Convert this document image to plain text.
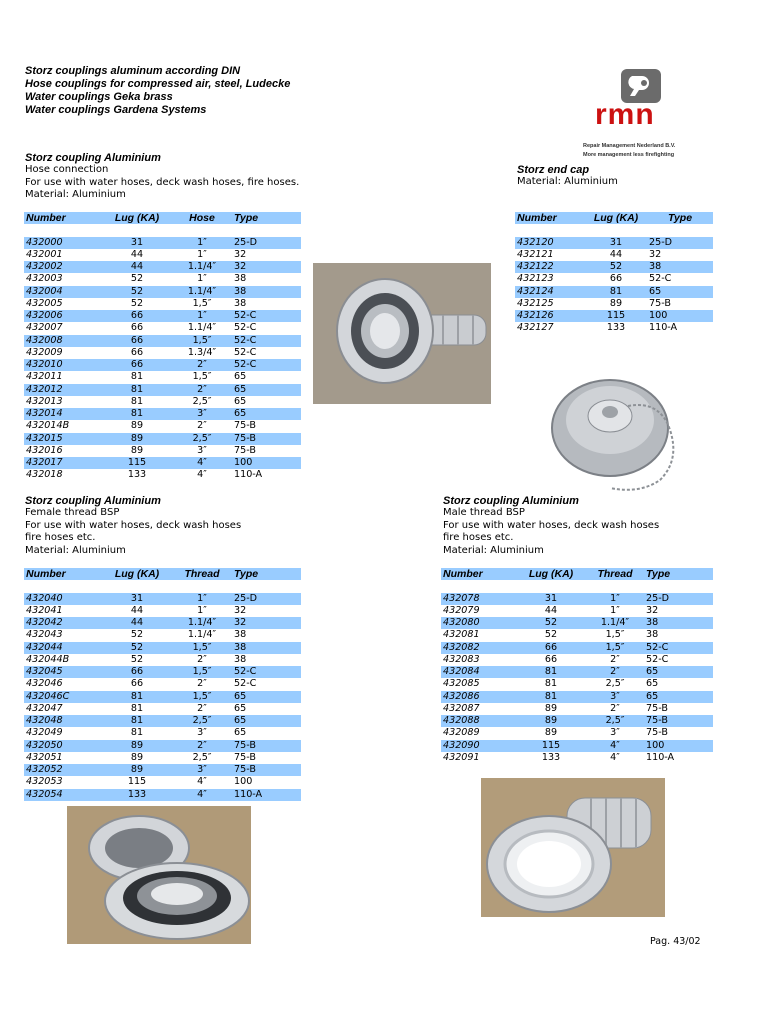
Storz couplings aluminum according DIN
Hose couplings for compressed air, steel, Ludecke
Water couplings Geka brass
Water couplings Gardena Systems	rmn
Repair Management Nederland B.V.
More management less firefighting
Storz coupling Aluminium
Hose connection
For use with water hoses, deck wash hoses, fire hoses.
Material: Aluminium
Number	Lug (KA)	Hose	Type

432000	31	1″	25-D
432001	44	1″	32
432002	44	1.1/4″	32
432003	52	1″	38
432004	52	1.1/4″	38
432005	52	1,5″	38
432006	66	1″	52-C
432007	66	1.1/4″	52-C
432008	66	1,5″	52-C
432009	66	1.3/4″	52-C
432010	66	2″	52-C
432011	81	1,5″	65
432012	81	2″	65
432013	81	2,5″	65
432014	81	3″	65
432014B	89	2″	75-B
432015	89	2,5″	75-B
432016	89	3″	75-B
432017	115	4″	100
432018	133	4″	110-A
Storz end cap
Material: Aluminium
Number	Lug (KA)	Type

432120	31	25-D
432121	44	32
432122	52	38
432123	66	52-C
432124	81	65
432125	89	75-B
432126	115	100
432127	133	110-A
Storz coupling Aluminium
Female thread BSP
For use with water hoses, deck wash hoses
fire hoses etc.
Material: Aluminium
Number	Lug (KA)	Thread	Type

432040	31	1″	25-D
432041	44	1″	32
432042	44	1.1/4″	32
432043	52	1.1/4″	38
432044	52	1,5″	38
432044B	52	2″	38
432045	66	1,5″	52-C
432046	66	2″	52-C
432046C	81	1,5″	65
432047	81	2″	65
432048	81	2,5″	65
432049	81	3″	65
432050	89	2″	75-B
432051	89	2,5″	75-B
432052	89	3″	75-B
432053	115	4″	100
432054	133	4″	110-A
Storz coupling Aluminium
Male thread BSP
For use with water hoses, deck wash hoses
fire hoses etc.
Material: Aluminium
Number	Lug (KA)	Thread	Type

432078	31	1″	25-D
432079	44	1″	32
432080	52	1.1/4″	38
432081	52	1,5″	38
432082	66	1,5″	52-C
432083	66	2″	52-C
432084	81	2″	65
432085	81	2,5″	65
432086	81	3″	65
432087	89	2″	75-B
432088	89	2,5″	75-B
432089	89	3″	75-B
432090	115	4″	100
432091	133	4″	110-A
Pag. 43/02
